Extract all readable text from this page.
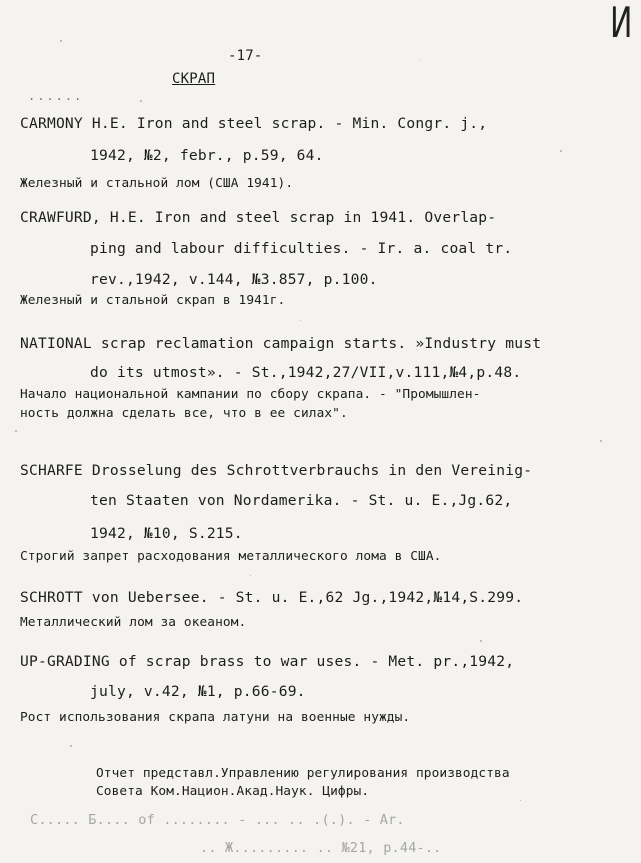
И
-17-
СКРАП
......
CARMONY H.E. Iron and steel scrap. - Min. Congr. j.,
1942, №2, febr., p.59, 64.
Железный и стальной лом (США 1941).
CRAWFURD, H.E. Iron and steel scrap in 1941. Overlap-
ping and labour difficulties. - Ir. a. coal tr.
rev.,1942, v.144, №3.857, p.100.
Железный и стальной скрап в 1941г.
NATIONAL scrap reclamation campaign starts. »Industry must
do its utmost». - St.,1942,27/VII,v.111,№4,p.48.
Начало национальной кампании по сбору скрапа. - "Промышлен-
ность должна сделать все, что в ее силах".
SCHARFE Drosselung des Schrottverbrauchs in den Vereinig-
ten Staaten von Nordamerika. - St. u. E.,Jg.62,
1942, №10, S.215.
Строгий запрет расходования металлического лома в США.
SCHROTT von Uebersee. - St. u. E.,62 Jg.,1942,№14,S.299.
Металлический лом за океаном.
UP-GRADING of scrap brass to war uses. - Met. pr.,1942,
july, v.42, №1, p.66-69.
Рост использования скрапа латуни на военные нужды.
Отчет представл.Управлению регулирования производства
Совета Ком.Национ.Акад.Наук. Цифры.
C..... Б.... of ........ - ... .. .(.). - Ar.
.. Ж......... .. №21, p.44-..
